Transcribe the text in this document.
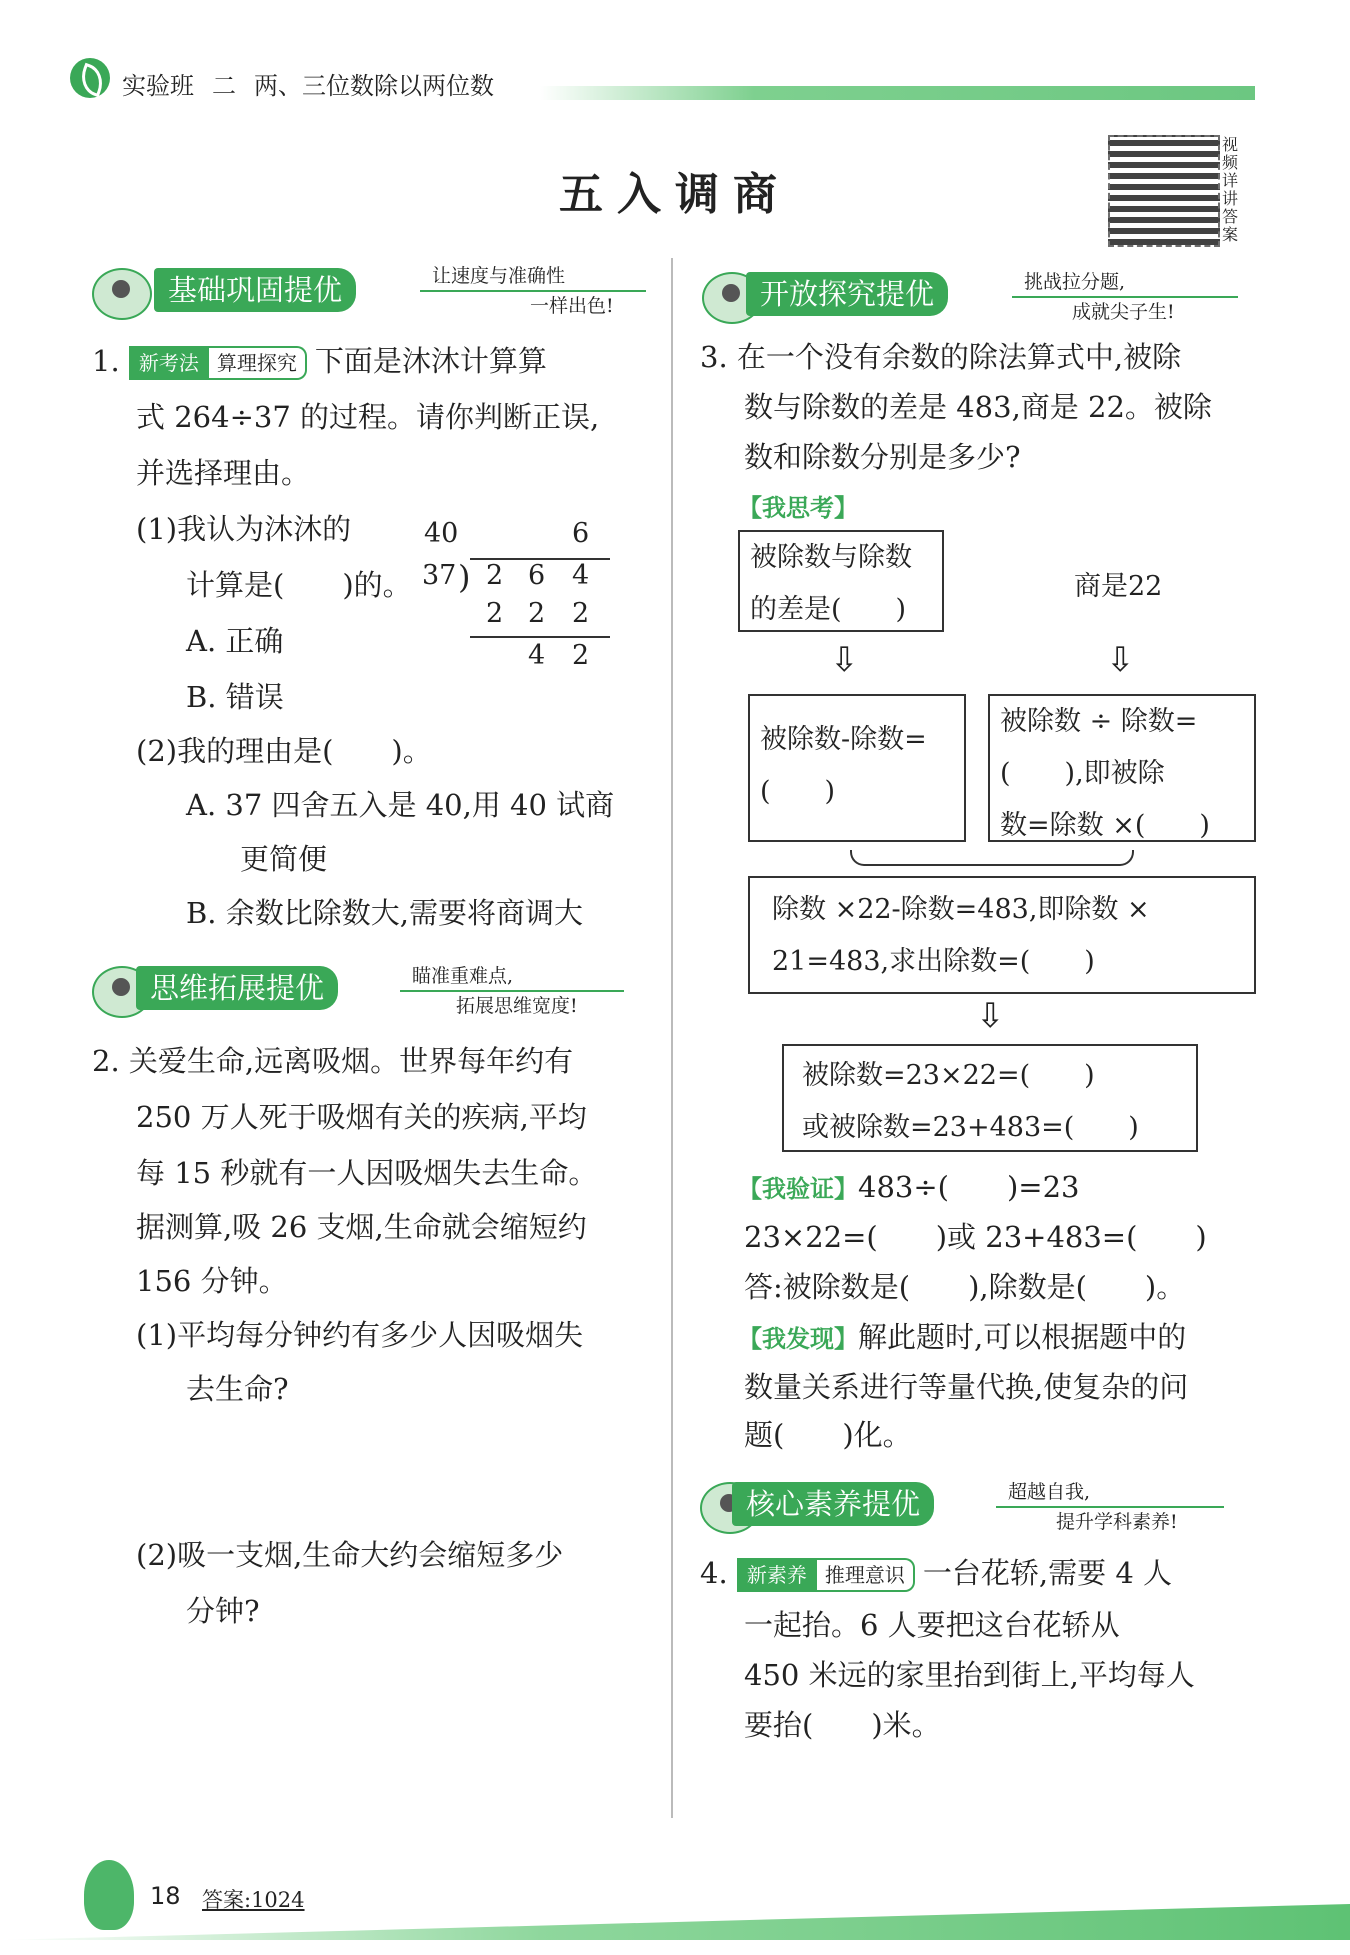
实验班 二 两、三位数除以两位数
五入调商
视频详讲答案
基础巩固提优	让速度与准确性
一样出色!
1. 新考法 算理探究 下面是沐沐计算算
式 264÷37 的过程。请你判断正误,
并选择理由。
(1)我认为沐沐的
计算是(　　)的。
A. 正确
B. 错误
(2)我的理由是(　　)。
A. 37 四舍五入是 40,用 40 试商
更简便
B. 余数比除数大,需要将商调大
40	6
37 ) 2 6 4
2 2 2
4 2
思维拓展提优	瞄准重难点,
拓展思维宽度!
2. 关爱生命,远离吸烟。世界每年约有
250 万人死于吸烟有关的疾病,平均
每 15 秒就有一人因吸烟失去生命。
据测算,吸 26 支烟,生命就会缩短约
156 分钟。
(1)平均每分钟约有多少人因吸烟失
去生命?
(2)吸一支烟,生命大约会缩短多少
分钟?
开放探究提优	挑战拉分题,
成就尖子生!
3. 在一个没有余数的除法算式中,被除
数与除数的差是 483,商是 22。被除
数和除数分别是多少?
【我思考】
被除数与除数
的差是(　　)
商是22
⇩	⇩
被除数-除数=
(　　)
被除数 ÷ 除数=
(　　),即被除
数=除数 ×(　　)
除数 ×22-除数=483,即除数 ×
21=483,求出除数=(　　)
⇩
被除数=23×22=(　　)
或被除数=23+483=(　　)
【我验证】483÷(　　)=23
23×22=(　　)或 23+483=(　　)
答:被除数是(　　),除数是(　　)。
【我发现】解此题时,可以根据题中的
数量关系进行等量代换,使复杂的问
题(　　)化。
核心素养提优	超越自我,
提升学科素养!
4. 新素养 推理意识 一台花轿,需要 4 人
一起抬。6 人要把这台花轿从
450 米远的家里抬到街上,平均每人
要抬(　　)米。
18 答案:1024
